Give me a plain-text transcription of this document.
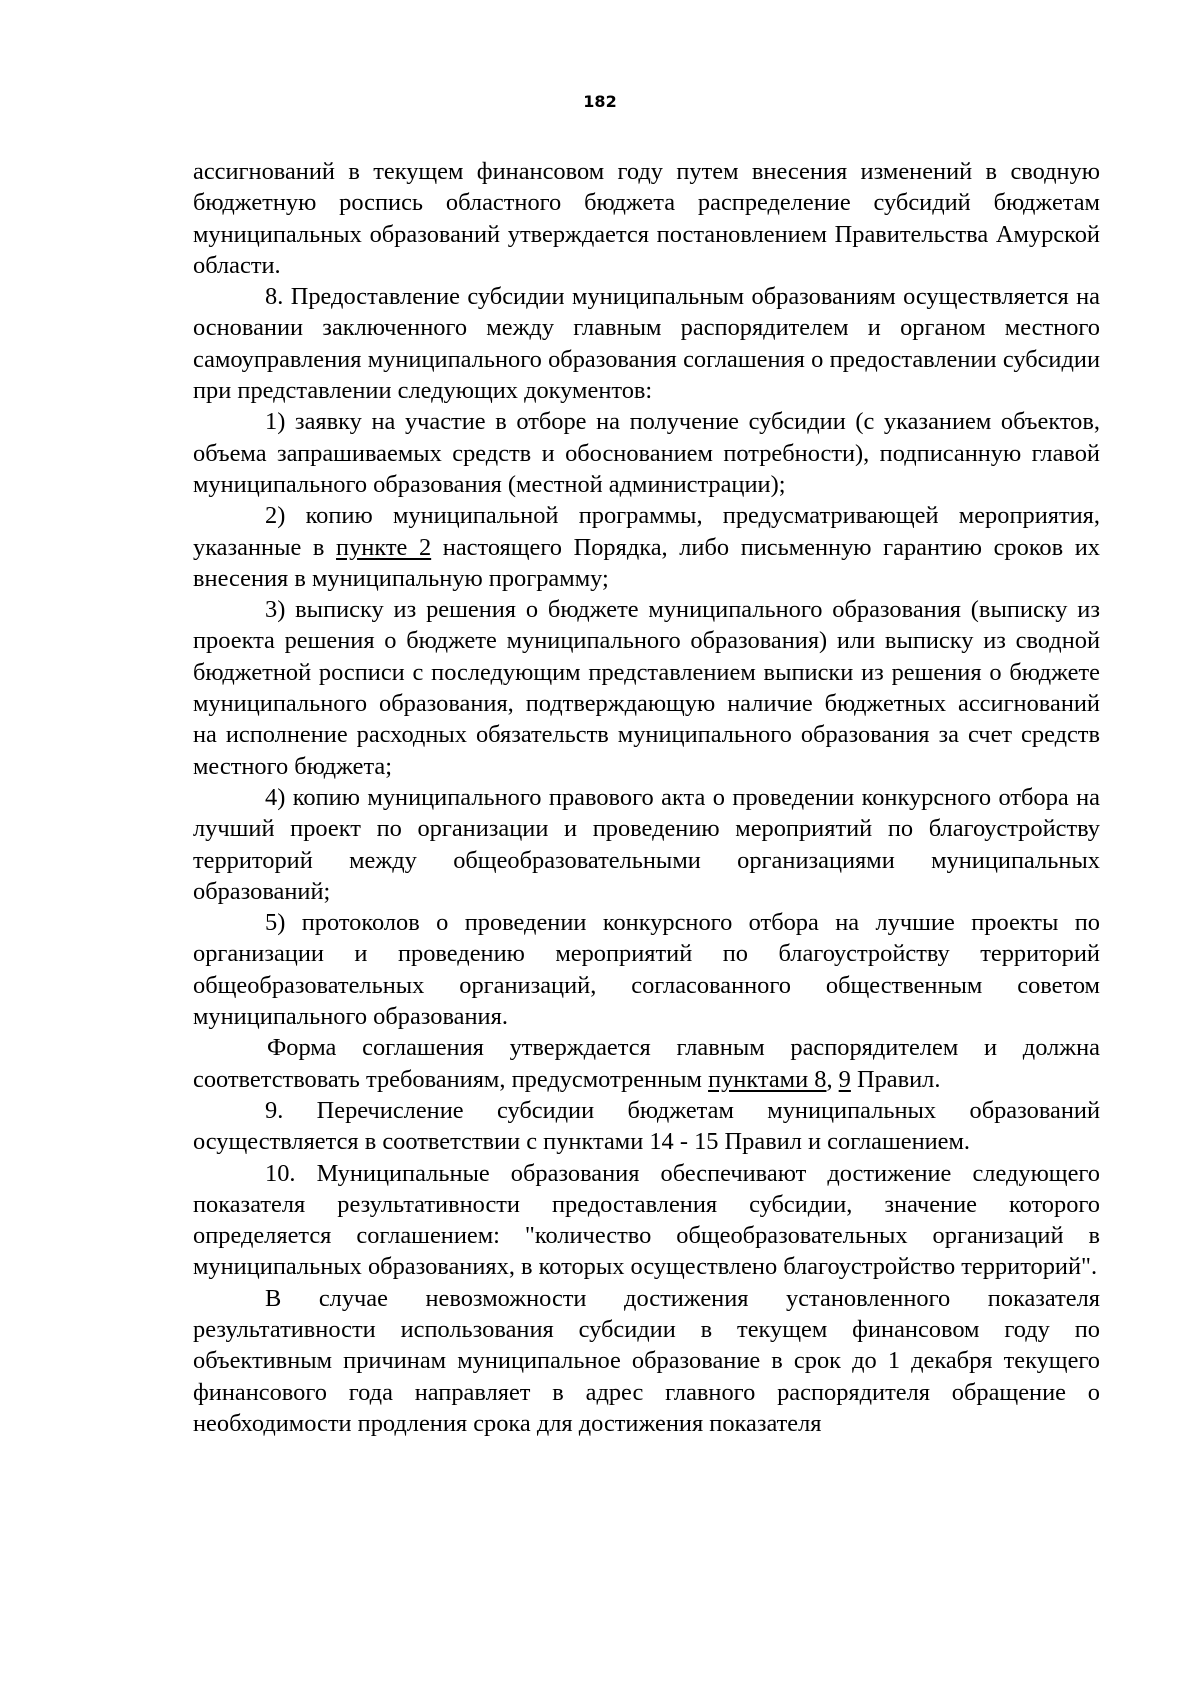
182

ассигнований в текущем финансовом году путем внесения изменений в сводную бюджетную роспись областного бюджета распределение субсидий бюджетам муниципальных образований утверждается постановлением Правительства Амурской области.

8. Предоставление субсидии муниципальным образованиям осуществляется на основании заключенного между главным распорядителем и органом местного самоуправления муниципального образования соглашения о предоставлении субсидии при представлении следующих документов:

1) заявку на участие в отборе на получение субсидии (с указанием объектов, объема запрашиваемых средств и обоснованием потребности), подписанную главой муниципального образования (местной администрации);

2) копию муниципальной программы, предусматривающей мероприятия, указанные в пункте 2 настоящего Порядка, либо письменную гарантию сроков их внесения в муниципальную программу;

3) выписку из решения о бюджете муниципального образования (выписку из проекта решения о бюджете муниципального образования) или выписку из сводной бюджетной росписи с последующим представлением выписки из решения о бюджете муниципального образования, подтверждающую наличие бюджетных ассигнований на исполнение расходных обязательств муниципального образования за счет средств местного бюджета;

4) копию муниципального правового акта о проведении конкурсного отбора на лучший проект по организации и проведению мероприятий по благоустройству территорий между общеобразовательными организациями муниципальных образований;

5) протоколов о проведении конкурсного отбора на лучшие проекты по организации и проведению мероприятий по благоустройству территорий общеобразовательных организаций, согласованного общественным советом муниципального образования.

Форма соглашения утверждается главным распорядителем и должна соответствовать требованиям, предусмотренным пунктами 8, 9 Правил.

9. Перечисление субсидии бюджетам муниципальных образований осуществляется в соответствии с пунктами 14 - 15 Правил и соглашением.

10. Муниципальные образования обеспечивают достижение следующего показателя результативности предоставления субсидии, значение которого определяется соглашением: "количество общеобразовательных организаций в муниципальных образованиях, в которых осуществлено благоустройство территорий".

В случае невозможности достижения установленного показателя результативности использования субсидии в текущем финансовом году по объективным причинам муниципальное образование в срок до 1 декабря текущего финансового года направляет в адрес главного распорядителя обращение о необходимости продления срока для достижения показателя
